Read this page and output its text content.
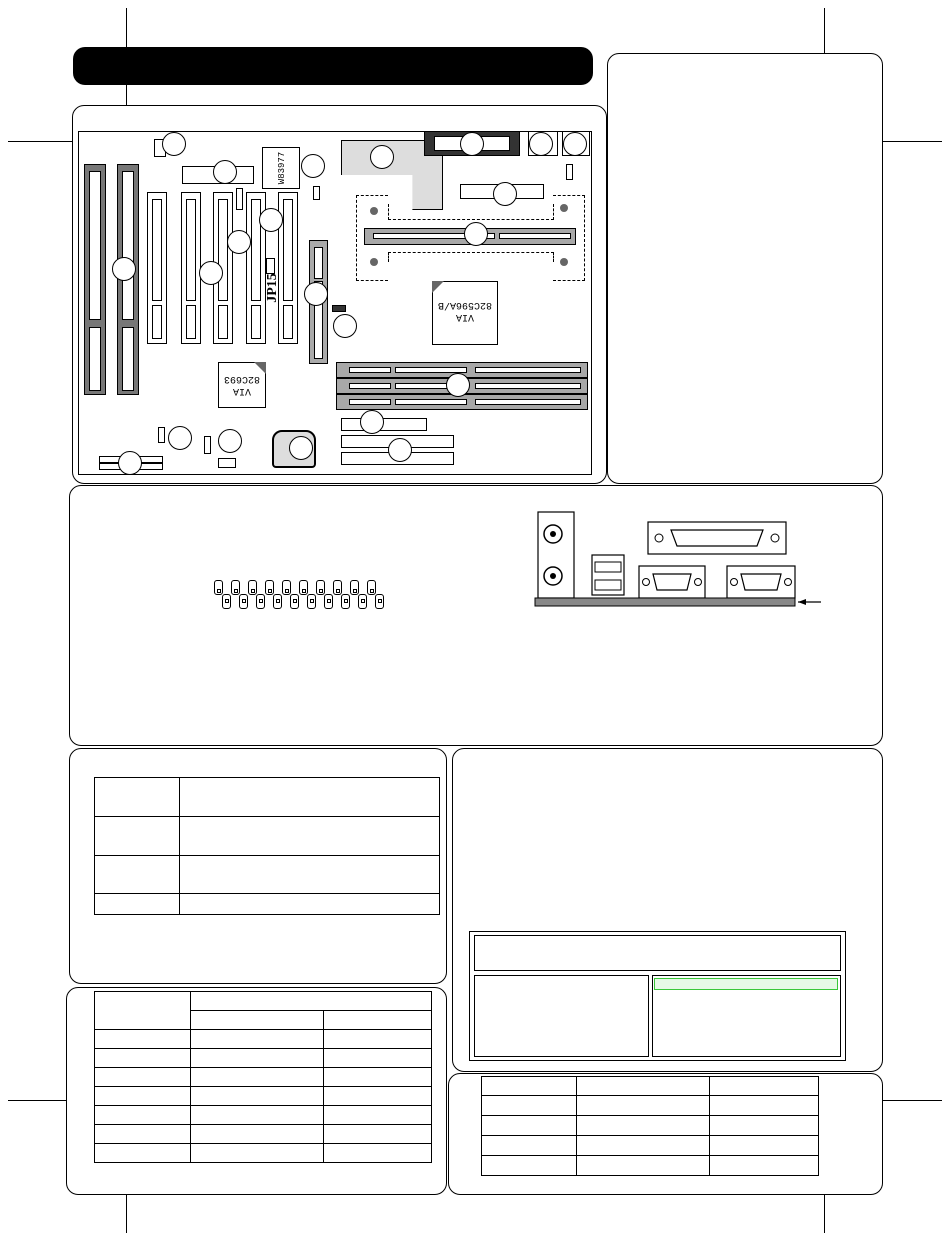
W83977
JP15
VIA 82C596A/B
VIA 82C693
